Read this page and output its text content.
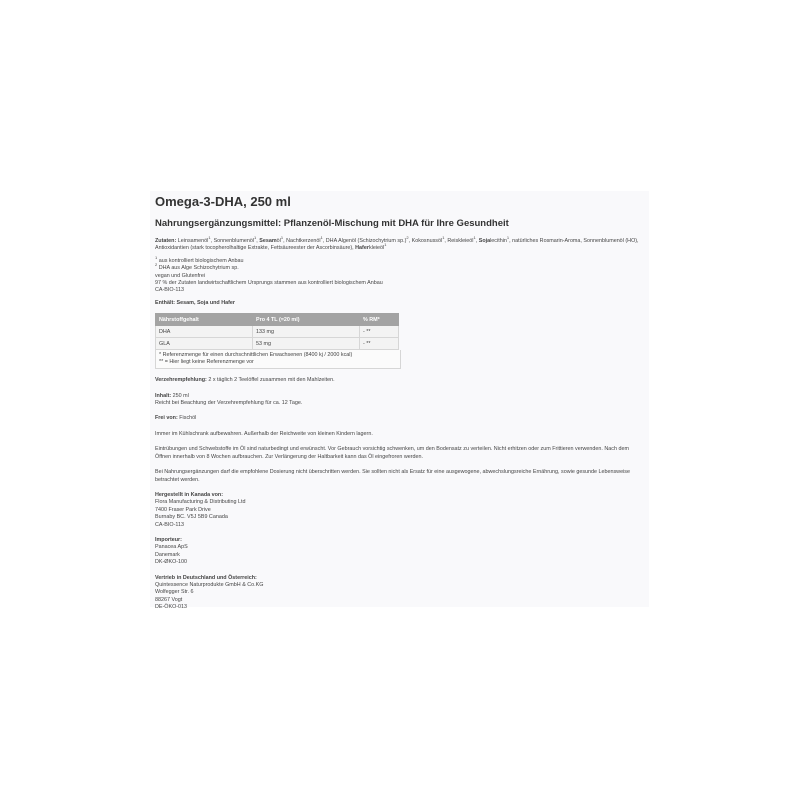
Omega-3-DHA, 250 ml
Nahrungsergänzungsmittel: Pflanzenöl-Mischung mit DHA für Ihre Gesundheit

Zutaten: Leinsamenöl$^1$, Sonnenblumenöl$^1$, Sesamöl$^1$, Nachtkerzenöl$^1$, DHA Algenöl (Schizochytrium sp.)$^2$, Kokosnussöl$^1$, Reiskleieöl$^1$, Sojalecithin$^1$, natürliches Rosmarin-Aroma, Sonnenblumenöl (HO), Antioxidantien (stark tocopherolhaltige Extrakte, Fettsäureester der Ascorbinsäure), Haferkleieöl$^1$

$^1$ aus kontrolliert biologischem Anbau

$^2$ DHA aus Alge Schizochytrium sp.

vegan und Glutenfrei

97 % der Zutaten landwirtschaftlichem Ursprungs stammen aus kontrolliert biologischem Anbau

CA-BIO-113

Enthält: Sesam, Soja und Hafer

Nährstoffgehalt	Pro 4 TL (=20 ml)	% RM*
DHA	133 mg	- **
GLA	53 mg	- **
* Referenzmenge für einen durchschnittlichen Erwachsenen (8400 kj / 2000 kcal)
** = Hier liegt keine Referenzmenge vor

Verzehrempfehlung: 2 x täglich 2 Teelöffel zusammen mit den Mahlzeiten.

Inhalt: 250 ml

Reicht bei Beachtung der Verzehrempfehlung für ca. 12 Tage.

Frei von: Fischöl

Immer im Kühlschrank aufbewahren. Außerhalb der Reichweite von kleinen Kindern lagern.

Eintrübungen und Schwebstoffe im Öl sind naturbedingt und erwünscht. Vor Gebrauch vorsichtig schwenken, um den Bodensatz zu verteilen. Nicht erhitzen oder zum Frittieren verwenden. Nach dem Öffnen innerhalb von 8 Wochen aufbrauchen. Zur Verlängerung der Haltbarkeit kann das Öl eingefroren werden.

Bei Nahrungsergänzungen darf die empfohlene Dosierung nicht überschritten werden. Sie sollten nicht als Ersatz für eine ausgewogene, abwechslungsreiche Ernährung, sowie gesunde Lebensweise betrachtet werden.

Hergestellt in Kanada von:

Flora Manufacturing & Distributing Ltd

7400 Fraser Park Drive

Burnaby BC. V5J 5B9 Canada

CA-BIO-113

Importeur:

Panacea ApS

Danemark

DK-ØKO-100

Vertrieb in Deutschland und Österreich:

Quintessence Naturprodukte GmbH & Co.KG

Wolfegger Str. 6

88267 Vogt

DE-ÖKO-013
